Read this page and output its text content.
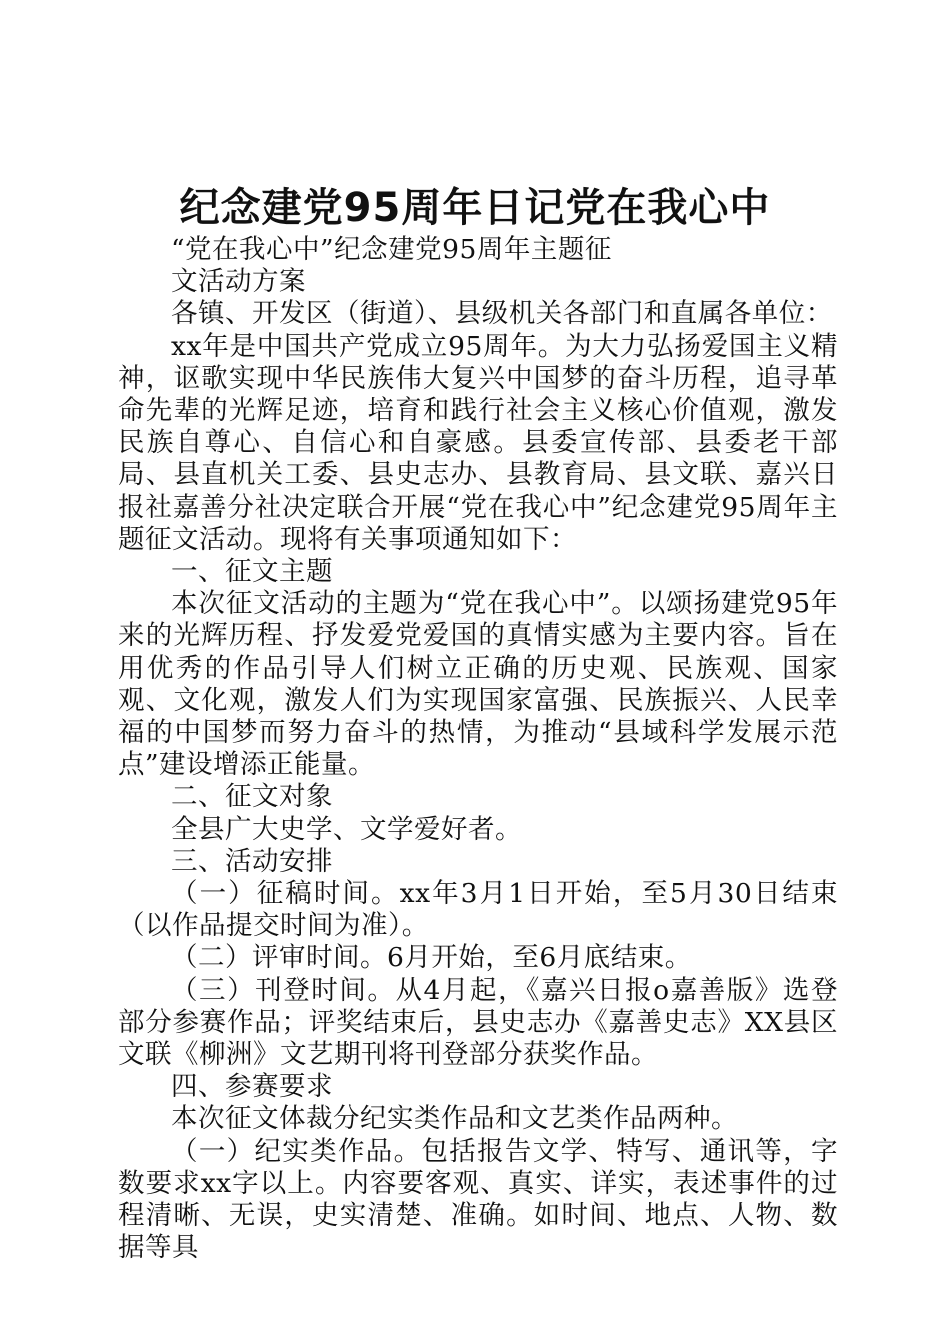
纪念建党95周年日记党在我心中

“党在我心中”纪念建党95周年主题征

文活动方案

各镇、开发区（街道）、县级机关各部门和直属各单位：

xx年是中国共产党成立95周年。为大力弘扬爱国主义精神，讴歌实现中华民族伟大复兴中国梦的奋斗历程，追寻革命先辈的光辉足迹，培育和践行社会主义核心价值观，激发民族自尊心、自信心和自豪感。县委宣传部、县委老干部局、县直机关工委、县史志办、县教育局、县文联、嘉兴日报社嘉善分社决定联合开展“党在我心中”纪念建党95周年主题征文活动。现将有关事项通知如下：

一、征文主题

本次征文活动的主题为“党在我心中”。以颂扬建党95年来的光辉历程、抒发爱党爱国的真情实感为主要内容。旨在用优秀的作品引导人们树立正确的历史观、民族观、国家观、文化观，激发人们为实现国家富强、民族振兴、人民幸福的中国梦而努力奋斗的热情，为推动“县域科学发展示范点”建设增添正能量。

二、征文对象

全县广大史学、文学爱好者。

三、活动安排

（一）征稿时间。xx年3月1日开始，至5月30日结束（以作品提交时间为准）。

（二）评审时间。6月开始，至6月底结束。

（三）刊登时间。从4月起，《嘉兴日报o嘉善版》选登部分参赛作品；评奖结束后，县史志办《嘉善史志》XX县区文联《柳洲》文艺期刊将刊登部分获奖作品。

四、参赛要求

本次征文体裁分纪实类作品和文艺类作品两种。

（一）纪实类作品。包括报告文学、特写、通讯等，字数要求xx字以上。内容要客观、真实、详实，表述事件的过程清晰、无误，史实清楚、准确。如时间、地点、人物、数据等具
